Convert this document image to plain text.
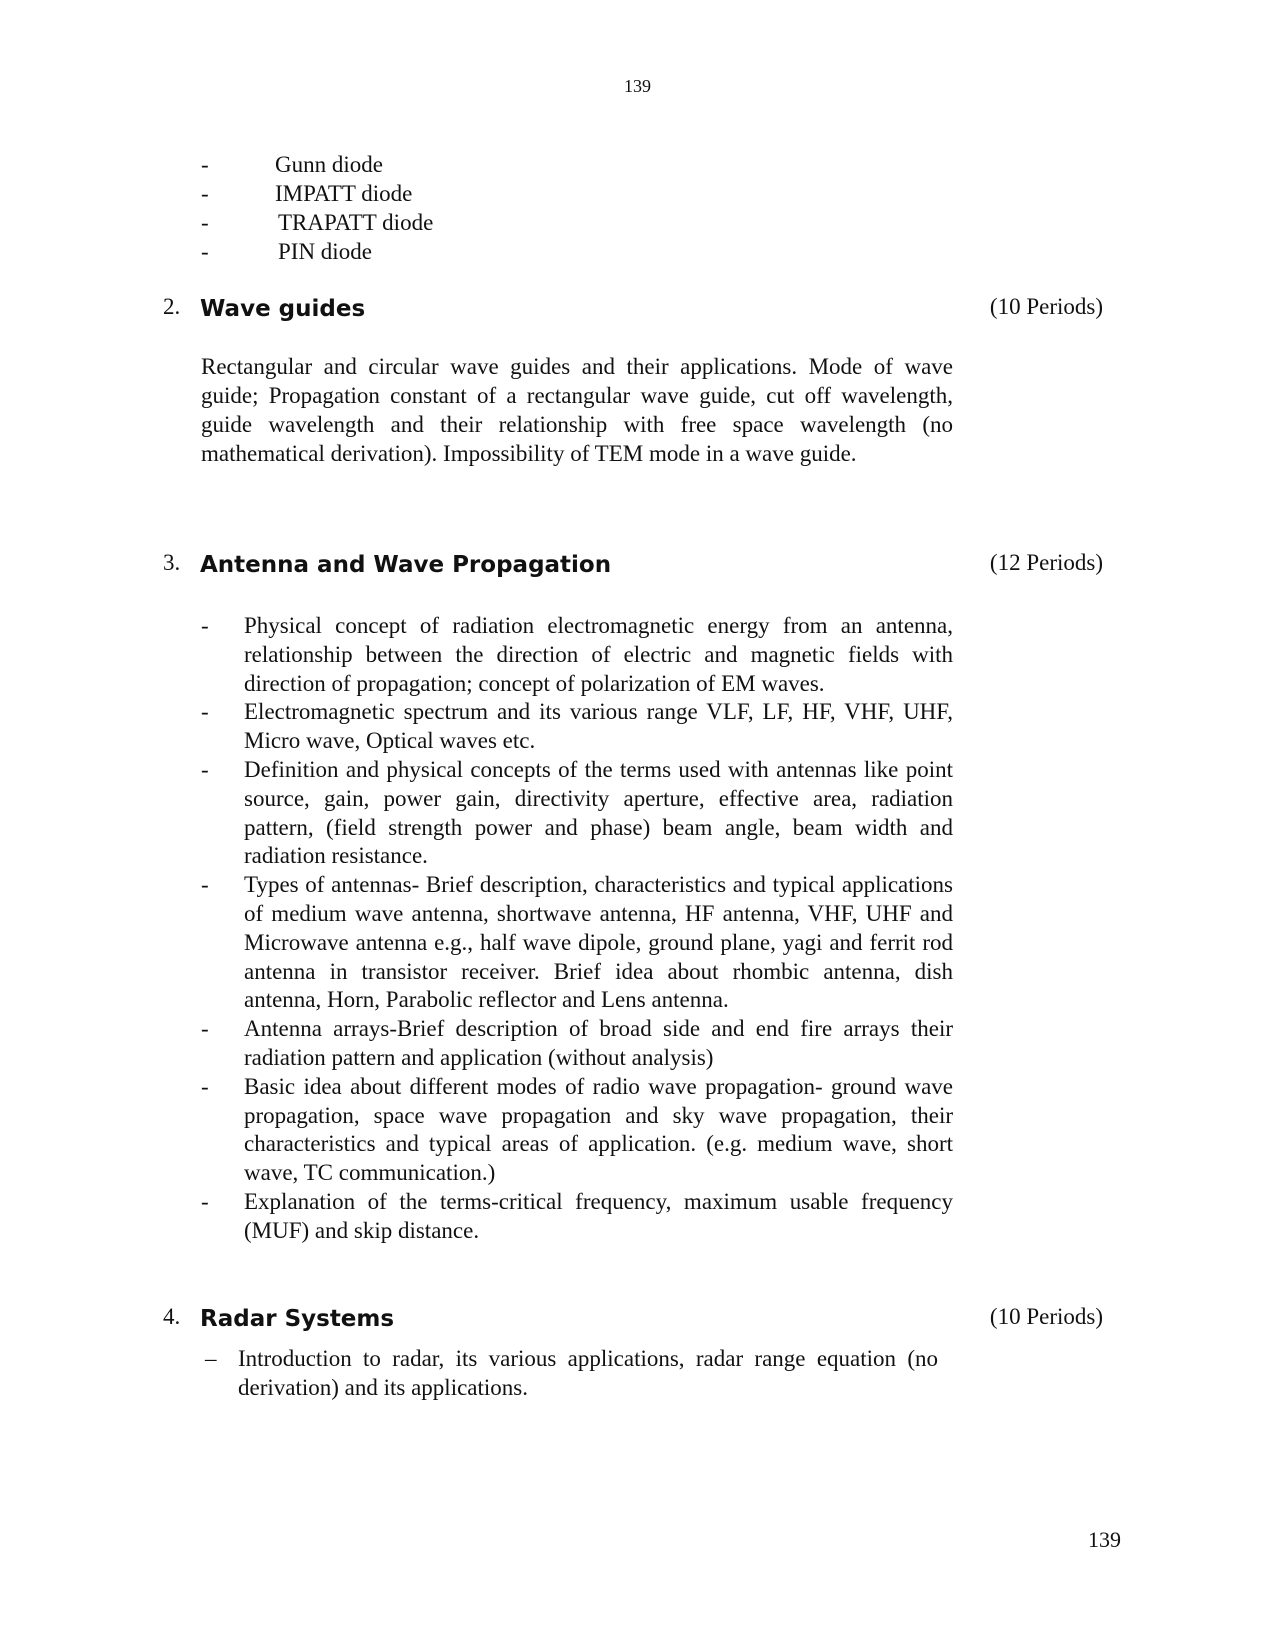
139
-	Gunn diode
-	IMPATT diode
-	TRAPATT diode
-	PIN diode
2. Wave guides	(10 Periods)

Rectangular and circular wave guides and their applications. Mode of wave guide; Propagation constant of a rectangular wave guide, cut off wavelength, guide wavelength and their relationship with free space wavelength (no mathematical derivation). Impossibility of TEM mode in a wave guide.

3. Antenna and Wave Propagation	(12 Periods)
- Physical concept of radiation electromagnetic energy from an antenna, relationship between the direction of electric and magnetic fields with direction of propagation; concept of polarization of EM waves.
- Electromagnetic spectrum and its various range VLF, LF, HF, VHF, UHF, Micro wave, Optical waves etc.
- Definition and physical concepts of the terms used with antennas like point source, gain, power gain, directivity aperture, effective area, radiation pattern, (field strength power and phase) beam angle, beam width and radiation resistance.
- Types of antennas- Brief description, characteristics and typical applications of medium wave antenna, shortwave antenna, HF antenna, VHF, UHF and Microwave antenna e.g., half wave dipole, ground plane, yagi and ferrit rod antenna in transistor receiver. Brief idea about rhombic antenna, dish antenna, Horn, Parabolic reflector and Lens antenna.
- Antenna arrays-Brief description of broad side and end fire arrays their radiation pattern and application (without analysis)
- Basic idea about different modes of radio wave propagation- ground wave propagation, space wave propagation and sky wave propagation, their characteristics and typical areas of application. (e.g. medium wave, short wave, TC communication.)
- Explanation of the terms-critical frequency, maximum usable frequency (MUF) and skip distance.
4. Radar Systems	(10 Periods)
– Introduction to radar, its various applications, radar range equation (no derivation) and its applications.
139
